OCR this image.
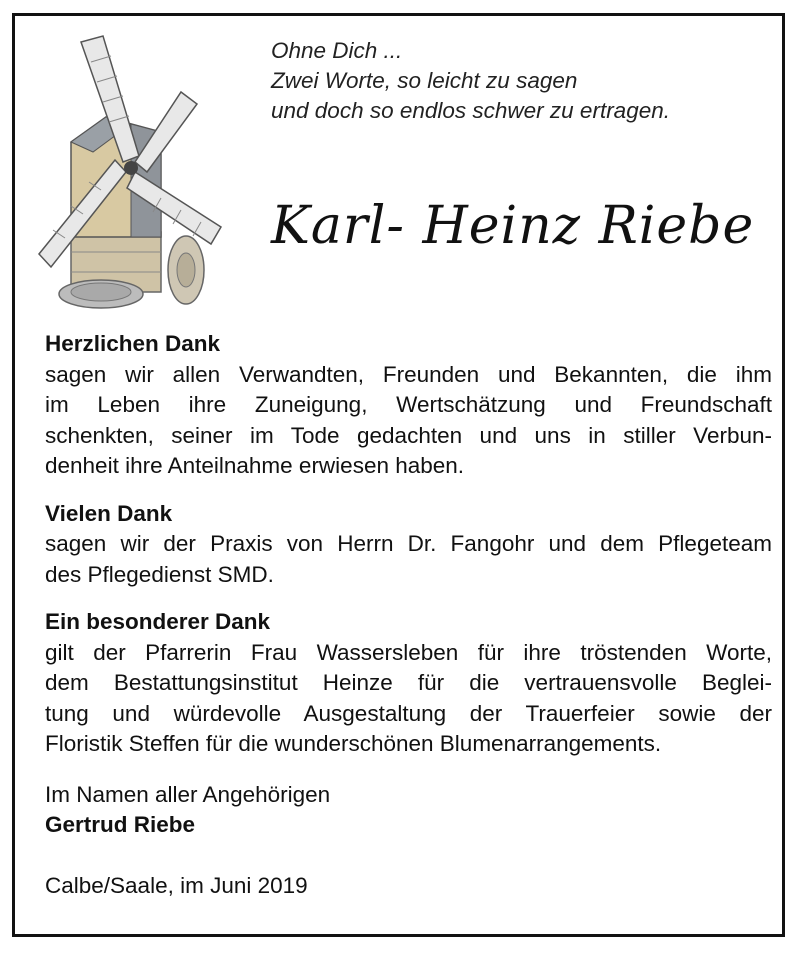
Ohne Dich ...
Zwei Worte, so leicht zu sagen
und doch so endlos schwer zu ertragen.
Karl- Heinz Riebe
Herzlichen Dank
sagen wir allen Verwandten, Freunden und Bekannten, die ihm
im Leben ihre Zuneigung, Wertschätzung und Freundschaft
schenkten, seiner im Tode gedachten und uns in stiller Verbun-
denheit ihre Anteilnahme erwiesen haben.
Vielen Dank
sagen wir der Praxis von Herrn Dr. Fangohr und dem Pflegeteam
des Pflegedienst SMD.
Ein besonderer Dank
gilt der Pfarrerin Frau Wassersleben für ihre tröstenden Worte,
dem Bestattungsinstitut Heinze für die vertrauensvolle Beglei-
tung und würdevolle Ausgestaltung der Trauerfeier sowie der
Floristik Steffen für die wunderschönen Blumenarrangements.
Im Namen aller Angehörigen
Gertrud Riebe
Calbe/Saale, im Juni 2019
